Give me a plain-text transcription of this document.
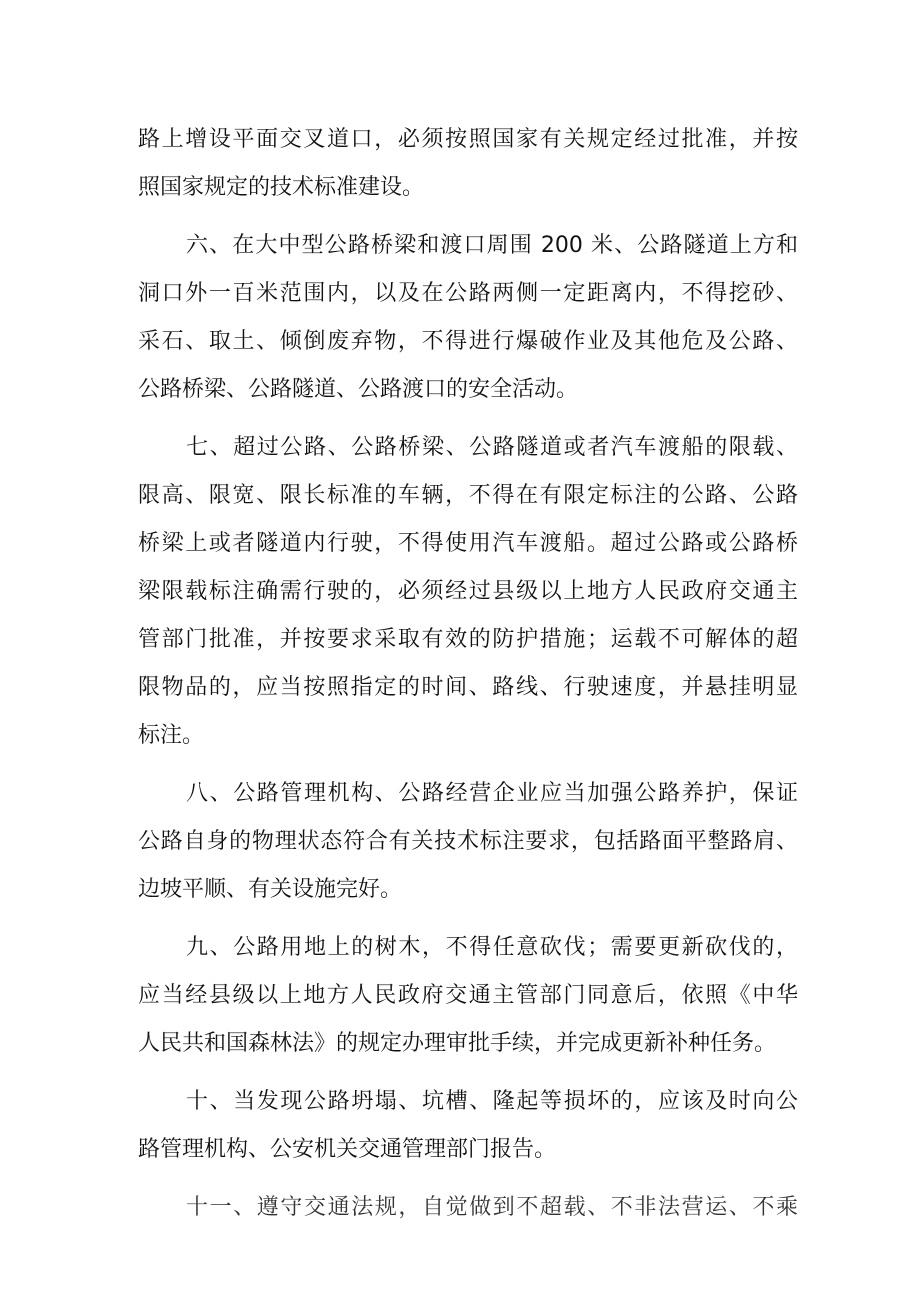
路上增设平面交叉道口，必须按照国家有关规定经过批准，并按
照国家规定的技术标准建设。
六、在大中型公路桥梁和渡口周围 200 米、公路隧道上方和
洞口外一百米范围内，以及在公路两侧一定距离内，不得挖砂、
采石、取土、倾倒废弃物，不得进行爆破作业及其他危及公路、
公路桥梁、公路隧道、公路渡口的安全活动。
七、超过公路、公路桥梁、公路隧道或者汽车渡船的限载、
限高、限宽、限长标准的车辆，不得在有限定标注的公路、公路
桥梁上或者隧道内行驶，不得使用汽车渡船。超过公路或公路桥
梁限载标注确需行驶的，必须经过县级以上地方人民政府交通主
管部门批准，并按要求采取有效的防护措施；运载不可解体的超
限物品的，应当按照指定的时间、路线、行驶速度，并悬挂明显
标注。
八、公路管理机构、公路经营企业应当加强公路养护，保证
公路自身的物理状态符合有关技术标注要求，包括路面平整路肩、
边坡平顺、有关设施完好。
九、公路用地上的树木，不得任意砍伐；需要更新砍伐的，
应当经县级以上地方人民政府交通主管部门同意后，依照《中华
人民共和国森林法》的规定办理审批手续，并完成更新补种任务。
十、当发现公路坍塌、坑槽、隆起等损坏的，应该及时向公
路管理机构、公安机关交通管理部门报告。
十一、遵守交通法规，自觉做到不超载、不非法营运、不乘
